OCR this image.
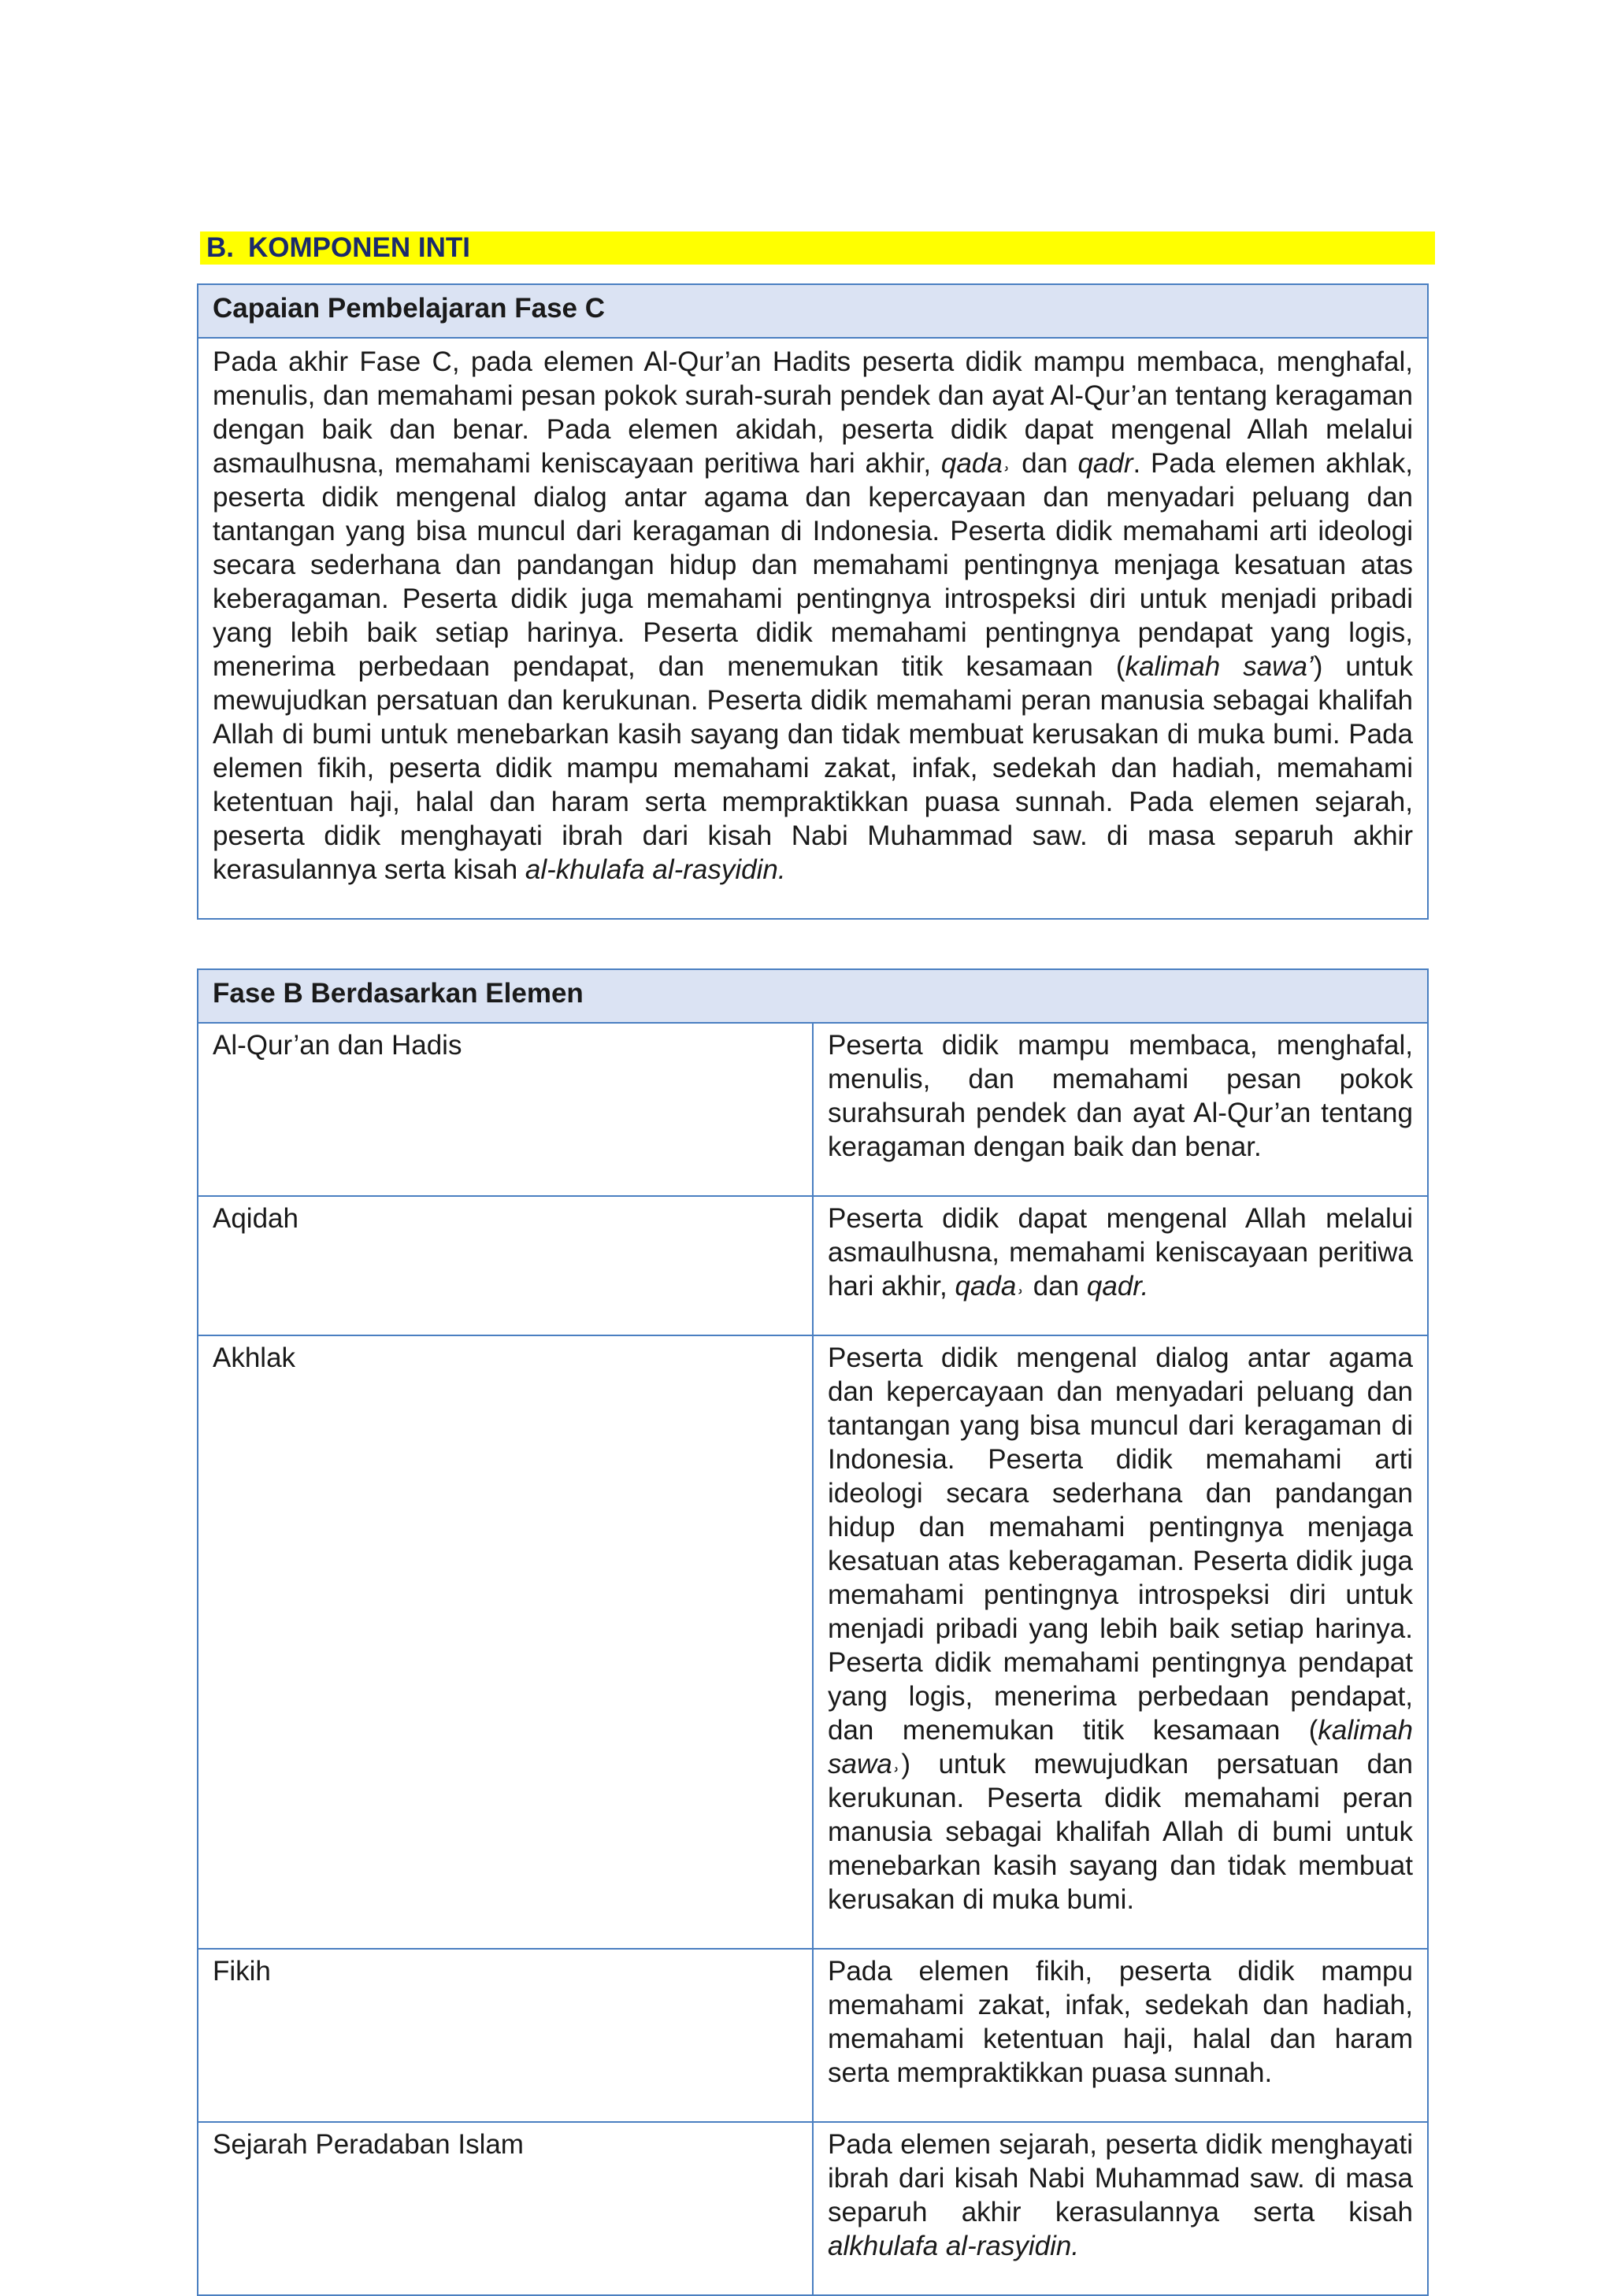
B. KOMPONEN INTI
Capaian Pembelajaran Fase C
Pada akhir Fase C, pada elemen Al-Qur’an Hadits peserta didik mampu membaca, menghafal, menulis, dan memahami pesan pokok surah-surah pendek dan ayat Al-Qur’an tentang keragaman dengan baik dan benar. Pada elemen akidah, peserta didik dapat mengenal Allah melalui asmaulhusna, memahami keniscayaan peritiwa hari akhir, qada˒ dan qadr. Pada elemen akhlak, peserta didik mengenal dialog antar agama dan kepercayaan dan menyadari peluang dan tantangan yang bisa muncul dari keragaman di Indonesia. Peserta didik memahami arti ideologi secara sederhana dan pandangan hidup dan memahami pentingnya menjaga kesatuan atas keberagaman. Peserta didik juga memahami pentingnya introspeksi diri untuk menjadi pribadi yang lebih baik setiap harinya. Peserta didik memahami pentingnya pendapat yang logis, menerima perbedaan pendapat, dan menemukan titik kesamaan (kalimah sawa’) untuk mewujudkan persatuan dan kerukunan. Peserta didik memahami peran manusia sebagai khalifah Allah di bumi untuk menebarkan kasih sayang dan tidak membuat kerusakan di muka bumi. Pada elemen fikih, peserta didik mampu memahami zakat, infak, sedekah dan hadiah, memahami ketentuan haji, halal dan haram serta mempraktikkan puasa sunnah. Pada elemen sejarah, peserta didik menghayati ibrah dari kisah Nabi Muhammad saw. di masa separuh akhir kerasulannya serta kisah al-khulafa al-rasyidin.
Fase B Berdasarkan Elemen	
Al-Qur’an dan Hadis	Peserta didik mampu membaca, menghafal, menulis, dan memahami pesan pokok surahsurah pendek dan ayat Al-Qur’an tentang keragaman dengan baik dan benar.
Aqidah	Peserta didik dapat mengenal Allah melalui asmaulhusna, memahami keniscayaan peritiwa hari akhir, qada˒ dan qadr.
Akhlak	Peserta didik mengenal dialog antar agama dan kepercayaan dan menyadari peluang dan tantangan yang bisa muncul dari keragaman di Indonesia. Peserta didik memahami arti ideologi secara sederhana dan pandangan hidup dan memahami pentingnya menjaga kesatuan atas keberagaman. Peserta didik juga memahami pentingnya introspeksi diri untuk menjadi pribadi yang lebih baik setiap harinya. Peserta didik memahami pentingnya pendapat yang logis, menerima perbedaan pendapat, dan menemukan titik kesamaan (kalimah sawa˒) untuk mewujudkan persatuan dan kerukunan. Peserta didik memahami peran manusia sebagai khalifah Allah di bumi untuk menebarkan kasih sayang dan tidak membuat kerusakan di muka bumi.
Fikih	Pada elemen fikih, peserta didik mampu memahami zakat, infak, sedekah dan hadiah, memahami ketentuan haji, halal dan haram serta mempraktikkan puasa sunnah.
Sejarah Peradaban Islam	Pada elemen sejarah, peserta didik menghayati ibrah dari kisah Nabi Muhammad saw. di masa separuh akhir kerasulannya serta kisah alkhulafa al-rasyidin.
